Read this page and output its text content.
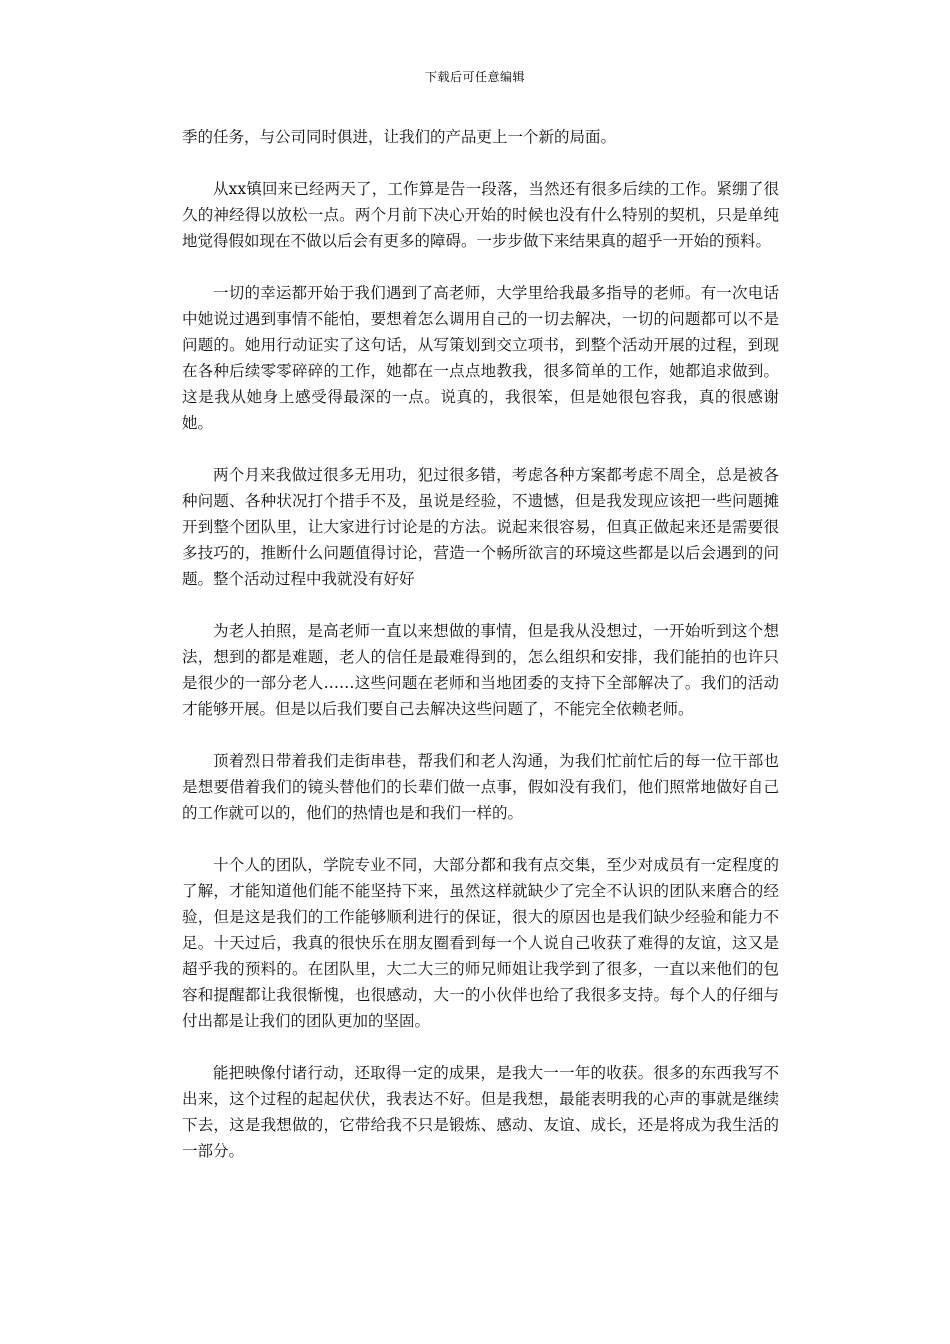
下载后可任意编辑

季的任务，与公司同时俱进，让我们的产品更上一个新的局面。

从xx镇回来已经两天了，工作算是告一段落，当然还有很多后续的工作。紧绷了很久的神经得以放松一点。两个月前下决心开始的时候也没有什么特别的契机，只是单纯地觉得假如现在不做以后会有更多的障碍。一步步做下来结果真的超乎一开始的预料。

一切的幸运都开始于我们遇到了高老师，大学里给我最多指导的老师。有一次电话中她说过遇到事情不能怕，要想着怎么调用自己的一切去解决，一切的问题都可以不是问题的。她用行动证实了这句话，从写策划到交立项书，到整个活动开展的过程，到现在各种后续零零碎碎的工作，她都在一点点地教我，很多简单的工作，她都追求做到。这是我从她身上感受得最深的一点。说真的，我很笨，但是她很包容我，真的很感谢她。

两个月来我做过很多无用功，犯过很多错，考虑各种方案都考虑不周全，总是被各种问题、各种状况打个措手不及，虽说是经验，不遗憾，但是我发现应该把一些问题摊开到整个团队里，让大家进行讨论是的方法。说起来很容易，但真正做起来还是需要很多技巧的，推断什么问题值得讨论，营造一个畅所欲言的环境这些都是以后会遇到的问题。整个活动过程中我就没有好好

为老人拍照，是高老师一直以来想做的事情，但是我从没想过，一开始听到这个想法，想到的都是难题，老人的信任是最难得到的，怎么组织和安排，我们能拍的也许只是很少的一部分老人……这些问题在老师和当地团委的支持下全部解决了。我们的活动才能够开展。但是以后我们要自己去解决这些问题了，不能完全依赖老师。

顶着烈日带着我们走街串巷，帮我们和老人沟通，为我们忙前忙后的每一位干部也是想要借着我们的镜头替他们的长辈们做一点事，假如没有我们，他们照常地做好自己的工作就可以的，他们的热情也是和我们一样的。

十个人的团队，学院专业不同，大部分都和我有点交集，至少对成员有一定程度的了解，才能知道他们能不能坚持下来，虽然这样就缺少了完全不认识的团队来磨合的经验，但是这是我们的工作能够顺利进行的保证，很大的原因也是我们缺少经验和能力不足。十天过后，我真的很快乐在朋友圈看到每一个人说自己收获了难得的友谊，这又是超乎我的预料的。在团队里，大二大三的师兄师姐让我学到了很多，一直以来他们的包容和提醒都让我很惭愧，也很感动，大一的小伙伴也给了我很多支持。每个人的仔细与付出都是让我们的团队更加的坚固。

能把映像付诸行动，还取得一定的成果，是我大一一年的收获。很多的东西我写不出来，这个过程的起起伏伏，我表达不好。但是我想，最能表明我的心声的事就是继续下去，这是我想做的，它带给我不只是锻炼、感动、友谊、成长，还是将成为我生活的一部分。
